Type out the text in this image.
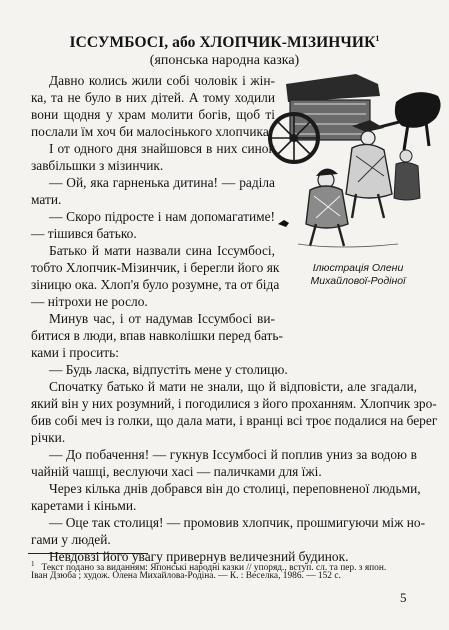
ІССУМБОСІ, або ХЛОПЧИК-МІЗИНЧИК$^1$
(японська народна казка)
Давно колись жили собі чоловік і жін-
ка, та не було в них дітей. А тому ходили
вони щодня у храм молити богів, щоб ті
послали їм хоч би малосінького хлопчика.
І от одного дня знайшовся в них синок
завбільшки з мізинчик.
— Ой, яка гарненька дитина! — раділа
мати.
— Скоро підросте і нам допомагатиме!
— тішився батько.
Батько й мати назвали сина Іссумбосі,
тобто Хлопчик-Мізинчик, і берегли його як
зіницю ока. Хлоп'я було розумне, та от біда
— нітрохи не росло.
Минув час, і от надумав Іссумбосі ви-
битися в люди, впав навколішки перед бать-
ками і просить:
— Будь ласка, відпустіть мене у столицю.
Спочатку батько й мати не знали, що й відповісти, але згадали,
який він у них розумний, і погодилися з його проханням. Хлопчик зро-
бив собі меч із голки, що дала мати, і вранці всі троє подалися на берег
річки.
— До побачення! — гукнув Іссумбосі й поплив униз за водою в
чайній чашці, веслуючи хасі — паличками для їжі.
Через кілька днів добрався він до столиці, переповненої людьми,
каретами і кіньми.
— Оце так столиця! — промовив хлопчик, прошмигуючи між но-
гами у людей.
Невдовзі його увагу привернув величезний будинок.
Ілюстрація Олени
Михайлової-Родіної
$^1$ Текст подано за виданням: Японські народні казки // упоряд., вступ. сл. та пер. з япон.
Іван Дзюба ; худож. Олена Михайлова-Родіна. — К. : Веселка, 1986. — 152 с.
5
